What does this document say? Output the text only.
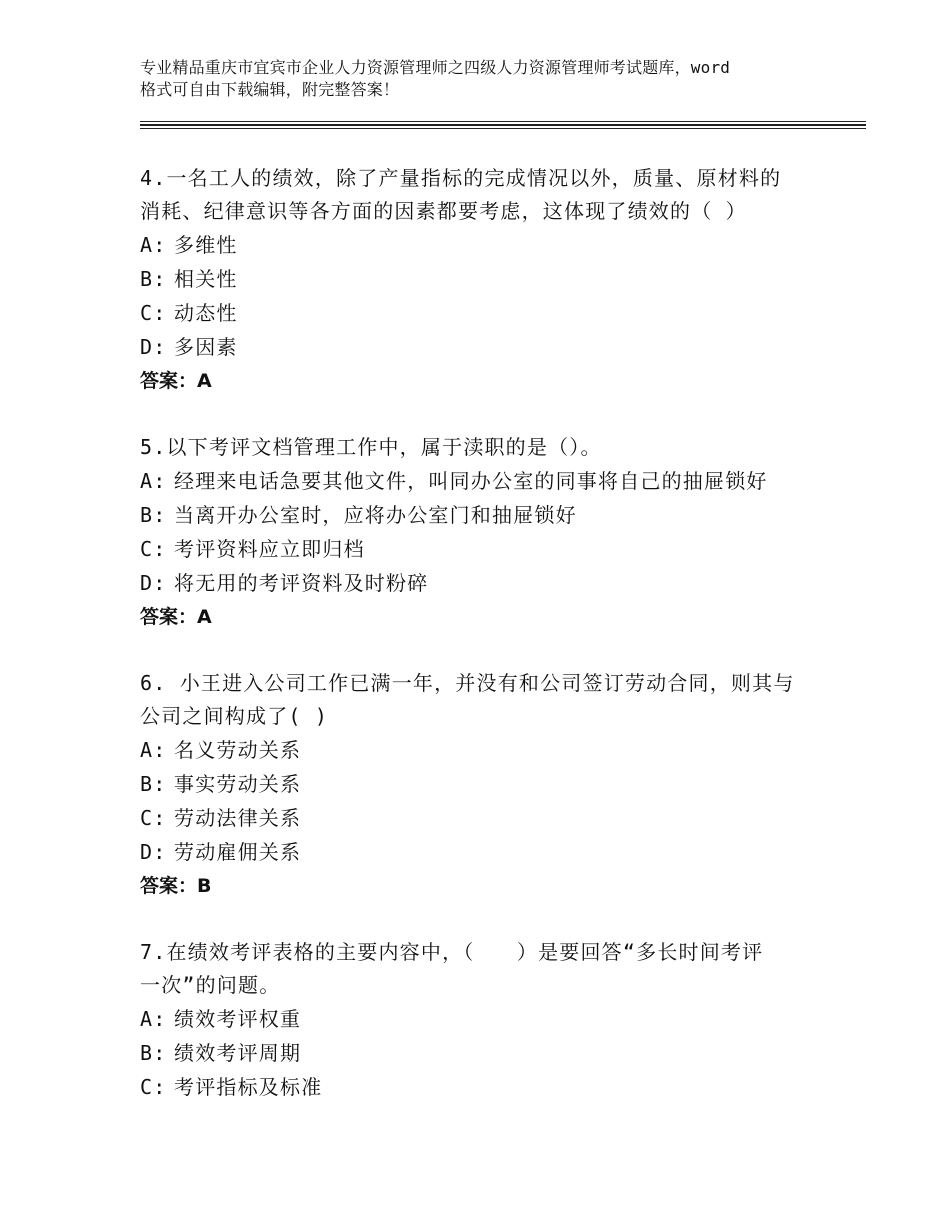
专业精品重庆市宜宾市企业人力资源管理师之四级人力资源管理师考试题库，word
格式可自由下载编辑，附完整答案！
4.一名工人的绩效，除了产量指标的完成情况以外，质量、原材料的
消耗、纪律意识等各方面的因素都要考虑，这体现了绩效的（ ）
A: 多维性
B: 相关性
C: 动态性
D: 多因素
答案：A
5.以下考评文档管理工作中，属于渎职的是（）。
A: 经理来电话急要其他文件，叫同办公室的同事将自己的抽屉锁好
B: 当离开办公室时，应将办公室门和抽屉锁好
C: 考评资料应立即归档
D: 将无用的考评资料及时粉碎
答案：A
6. 小王进入公司工作已满一年，并没有和公司签订劳动合同，则其与
公司之间构成了( )
A: 名义劳动关系
B: 事实劳动关系
C: 劳动法律关系
D: 劳动雇佣关系
答案：B
7.在绩效考评表格的主要内容中，（　　）是要回答“多长时间考评
一次”的问题。
A: 绩效考评权重
B: 绩效考评周期
C: 考评指标及标准
